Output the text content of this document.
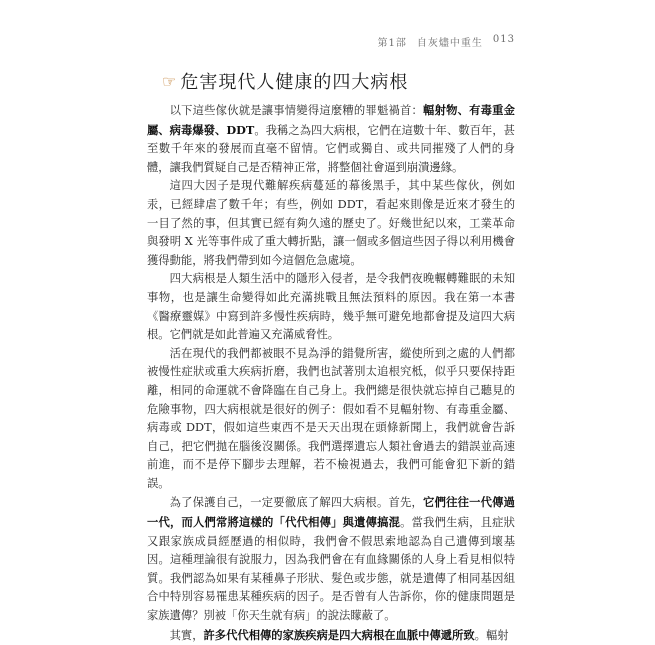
第1部 自灰燼中重生 013
☞ 危害現代人健康的四大病根

以下這些傢伙就是讓事情變得這麼糟的罪魁禍首：輻射物、有毒重金屬、病毒爆發、DDT。我稱之為四大病根，它們在這數十年、數百年，甚至數千年來的發展而直毫不留情。它們或獨自、或共同摧殘了人們的身體，讓我們質疑自己是否精神正常，將整個社會逼到崩潰邊緣。

這四大因子是現代難解疾病蔓延的幕後黑手，其中某些傢伙，例如汞，已經肆虐了數千年；有些，例如 DDT，看起來則像是近來才發生的一目了然的事，但其實已經有夠久遠的歷史了。好幾世紀以來，工業革命與發明 X 光等事件成了重大轉折點，讓一個或多個這些因子得以利用機會獲得動能，將我們帶到如今這個危急處境。

四大病根是人類生活中的隱形入侵者，是令我們夜晚輾轉難眠的未知事物，也是讓生命變得如此充滿挑戰且無法預料的原因。我在第一本書《醫療靈媒》中寫到許多慢性疾病時，幾乎無可避免地都會提及這四大病根。它們就是如此普遍又充滿威脅性。

活在現代的我們都被眼不見為淨的錯覺所害，縱使所到之處的人們都被慢性症狀或重大疾病折磨，我們也試著別太追根究柢，似乎只要保持距離，相同的命運就不會降臨在自己身上。我們總是很快就忘掉自己聽見的危險事物，四大病根就是很好的例子：假如看不見輻射物、有毒重金屬、病毒或 DDT，假如這些東西不是天天出現在頭條新聞上，我們就會告訴自己，把它們拋在腦後沒關係。我們選擇遺忘人類社會過去的錯誤並高速前進，而不是停下腳步去理解，若不檢視過去，我們可能會犯下新的錯誤。

為了保護自己，一定要徹底了解四大病根。首先，它們往往一代傳過一代，而人們常將這樣的「代代相傳」與遺傳搞混。當我們生病，且症狀又跟家族成員經歷過的相似時，我們會不假思索地認為自己遺傳到壞基因。這種理論很有說服力，因為我們會在有血緣關係的人身上看見相似特質。我們認為如果有某種鼻子形狀、髮色或步態，就是遺傳了相同基因組合中特別容易罹患某種疾病的因子。是否曾有人告訴你，你的健康問題是家族遺傳？別被「你天生就有病」的說法矇蔽了。

其實，許多代代相傳的家族疾病是四大病根在血脈中傳遞所致。輻射
